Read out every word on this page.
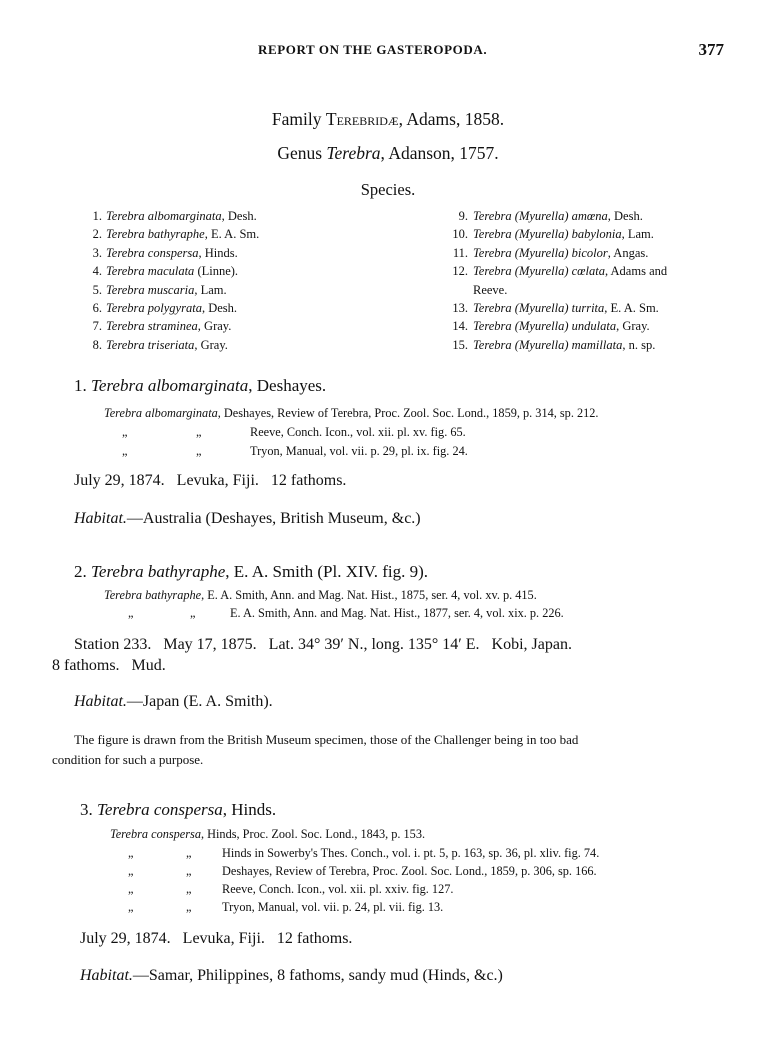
REPORT ON THE GASTEROPODA.	377
Family Terebridæ, Adams, 1858.
Genus Terebra, Adanson, 1757.
Species.
1. Terebra albomarginata, Desh.
2. Terebra bathyraphe, E. A. Sm.
3. Terebra conspersa, Hinds.
4. Terebra maculata (Linne).
5. Terebra muscaria, Lam.
6. Terebra polygyrata, Desh.
7. Terebra straminea, Gray.
8. Terebra triseriata, Gray.
9. Terebra (Myurella) amœna, Desh.
10. Terebra (Myurella) babylonia, Lam.
11. Terebra (Myurella) bicolor, Angas.
12. Terebra (Myurella) cœlata, Adams and
Reeve.
13. Terebra (Myurella) turrita, E. A. Sm.
14. Terebra (Myurella) undulata, Gray.
15. Terebra (Myurella) mamillata, n. sp.
1. Terebra albomarginata, Deshayes.
Terebra albomarginata, Deshayes, Review of Terebra, Proc. Zool. Soc. Lond., 1859, p. 314, sp. 212.
„	„	Reeve, Conch. Icon., vol. xii. pl. xv. fig. 65.
„	„	Tryon, Manual, vol. vii. p. 29, pl. ix. fig. 24.
July 29, 1874.   Levuka, Fiji.   12 fathoms.
Habitat.—Australia (Deshayes, British Museum, &c.)
2. Terebra bathyraphe, E. A. Smith (Pl. XIV. fig. 9).
Terebra bathyraphe, E. A. Smith, Ann. and Mag. Nat. Hist., 1875, ser. 4, vol. xv. p. 415.
„	„	E. A. Smith, Ann. and Mag. Nat. Hist., 1877, ser. 4, vol. xix. p. 226.
Station 233.   May 17, 1875.   Lat. 34° 39′ N., long. 135° 14′ E.   Kobi, Japan.
8 fathoms.   Mud.
Habitat.—Japan (E. A. Smith).
The figure is drawn from the British Museum specimen, those of the Challenger being in too bad
condition for such a purpose.
3. Terebra conspersa, Hinds.
Terebra conspersa, Hinds, Proc. Zool. Soc. Lond., 1843, p. 153.
„	„ Hinds in Sowerby's Thes. Conch., vol. i. pt. 5, p. 163, sp. 36, pl. xliv. fig. 74.
„	„ Deshayes, Review of Terebra, Proc. Zool. Soc. Lond., 1859, p. 306, sp. 166.
„	„ Reeve, Conch. Icon., vol. xii. pl. xxiv. fig. 127.
„	„ Tryon, Manual, vol. vii. p. 24, pl. vii. fig. 13.
July 29, 1874.   Levuka, Fiji.   12 fathoms.
Habitat.—Samar, Philippines, 8 fathoms, sandy mud (Hinds, &c.)
